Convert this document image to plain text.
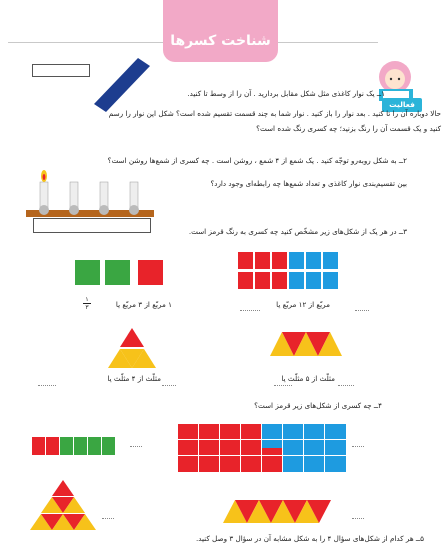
شناخت کسرها
فعالیت
۱ــ یک نوار کاغذی مثل شکل مقابل بردارید . آن را از وسط تا کنید.
حالا دوباره آن را تا کنید . بعد نوار را باز کنید . نوار شما به چند قسمت تقسیم شده است؟ شکل این نوار را رسم
کنید و یک قسمت آن را رنگ بزنید؛ چه کسری رنگ شده است؟
۲ــ به شکل روبه‌رو توجّه کنید . یک شمع از ۴ شمع ، روشن است . چه کسری از شمع‌ها روشن است؟
بین تقسیم‌بندی نوار کاغذی و تعداد شمع‌ها چه رابطه‌ای وجود دارد؟
۳ــ در هر یک از شکل‌های زیر مشخّص کنید چه کسری به رنگ قرمز است.
مربّع از ۱۲ مربّع یا
۱ مربّع از ۳ مربّع یا
۱
۳
مثلّث از ۵ مثلّث یا
مثلّث از ۴ مثلّث یا
۴ــ چه کسری از شکل‌های زیر قرمز است؟
۵ــ هر کدام از شکل‌های سؤال ۴ را به شکل مشابه آن در سؤال ۳ وصل کنید.
